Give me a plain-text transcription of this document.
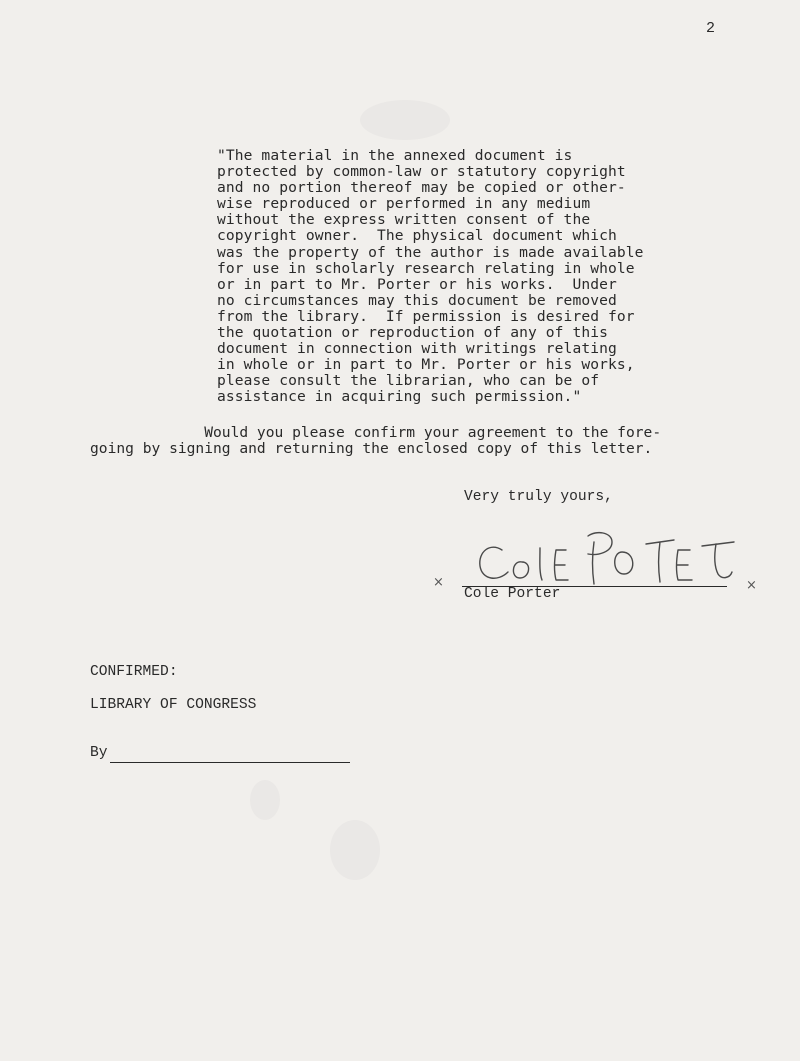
2
"The material in the annexed document is
protected by common-law or statutory copyright
and no portion thereof may be copied or other-
wise reproduced or performed in any medium
without the express written consent of the
copyright owner.  The physical document which
was the property of the author is made available
for use in scholarly research relating in whole
or in part to Mr. Porter or his works.  Under
no circumstances may this document be removed
from the library.  If permission is desired for
the quotation or reproduction of any of this
document in connection with writings relating
in whole or in part to Mr. Porter or his works,
please consult the librarian, who can be of
assistance in acquiring such permission."
Would you please confirm your agreement to the fore-
going by signing and returning the enclosed copy of this letter.
Very truly yours,
×	×
Cole Porter
CONFIRMED:
LIBRARY OF CONGRESS
By
